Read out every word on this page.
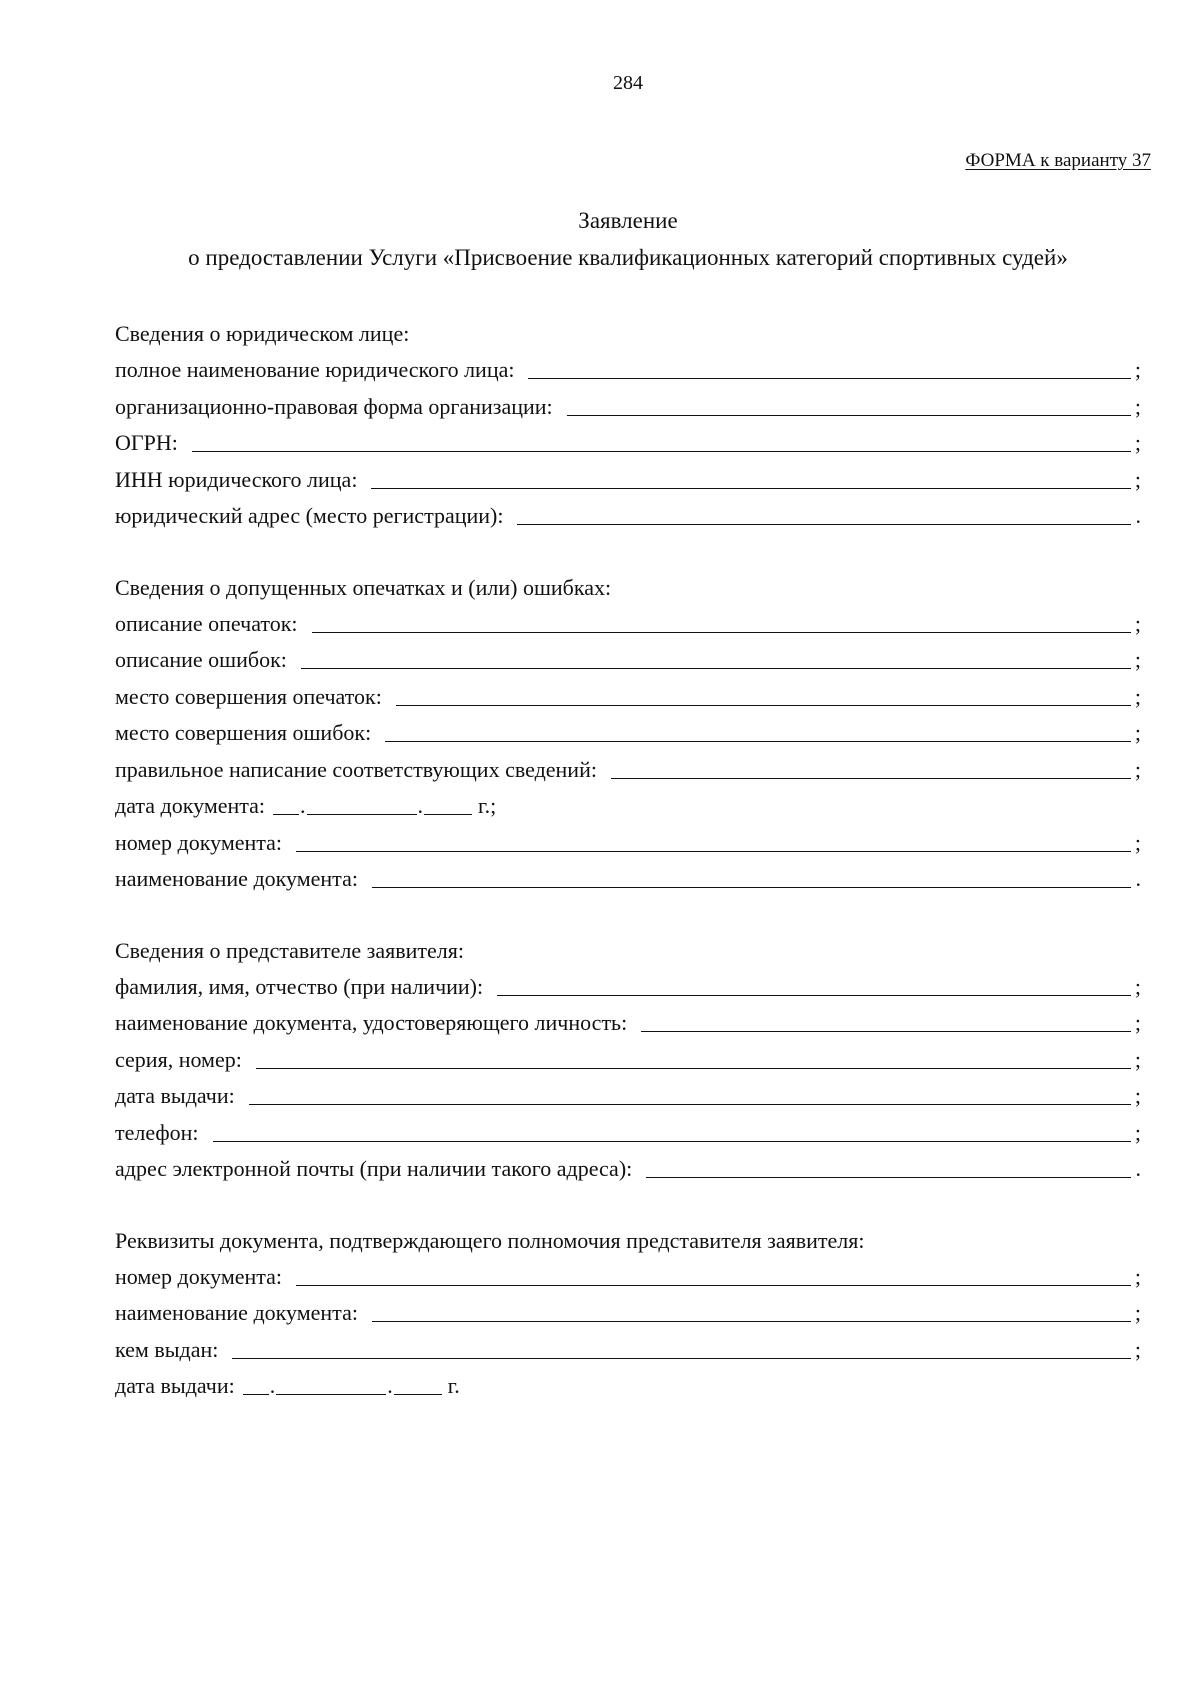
284
ФОРМА к варианту 37
Заявление
о предоставлении Услуги «Присвоение квалификационных категорий спортивных судей»
Сведения о юридическом лице:
полное наименование юридического лица:	;
организационно-правовая форма организации:	;
ОГРН:	;
ИНН юридического лица:	;
юридический адрес (место регистрации):	.
Сведения о допущенных опечатках и (или) ошибках:
описание опечаток:	;
описание ошибок:	;
место совершения опечаток:	;
место совершения ошибок:	;
правильное написание соответствующих сведений:	;
дата документа: .	.	г.;
номер документа:	;
наименование документа:	.
Сведения о представителе заявителя:
фамилия, имя, отчество (при наличии):	;
наименование документа, удостоверяющего личность:	;
серия, номер:	;
дата выдачи:	;
телефон:	;
адрес электронной почты (при наличии такого адреса):	.
Реквизиты документа, подтверждающего полномочия представителя заявителя:
номер документа:	;
наименование документа:	;
кем выдан:	;
дата выдачи: .	.	г.
